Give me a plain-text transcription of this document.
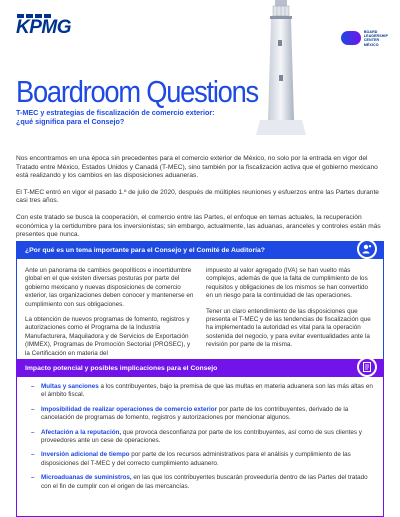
KPMG	BOARD
LEADERSHIP
CENTER
MÉXICO
Boardroom Questions
T-MEC y estrategias de fiscalización de comercio exterior:
¿qué significa para el Consejo?

Nos encontramos en una época sin precedentes para el comercio exterior de México, no solo por la entrada en vigor del Tratado entre México, Estados Unidos y Canadá (T-MEC), sino también por la fiscalización activa que el gobierno mexicano está realizando y los cambios en las disposiciones aduaneras.

El T-MEC entró en vigor el pasado 1.º de julio de 2020, después de múltiples reuniones y esfuerzos entre las Partes durante casi tres años.

Con este tratado se busca la cooperación, el comercio entre las Partes, el enfoque en temas actuales, la recuperación económica y la certidumbre para los inversionistas; sin embargo, actualmente, las aduanas, aranceles y controles están más presentes que nunca.

¿Por qué es un tema importante para el Consejo y el Comité de Auditoría?

Ante un panorama de cambios geopolíticos e incertidumbre global en el que existen diversas posturas por parte del gobierno mexicano y nuevas disposiciones de comercio exterior, las organizaciones deben conocer y mantenerse en cumplimiento con sus obligaciones.

La obtención de nuevos programas de fomento, registros y autorizaciones como el Programa de la Industria Manufacturera, Maquiladora y de Servicios de Exportación (IMMEX), Programas de Promoción Sectorial (PROSEC), y la Certificación en materia del

impuesto al valor agregado (IVA) se han vuelto más complejos, además de que la falta de cumplimiento de los requisitos y obligaciones de los mismos se han convertido en un riesgo para la continuidad de las operaciones.

Tener un claro entendimiento de las disposiciones que presenta el T-MEC y de las tendencias de fiscalización que ha implementado la autoridad es vital para la operación sostenida del negocio, y para evitar eventualidades ante la revisión por parte de la misma.

Impacto potencial y posibles implicaciones para el Consejo
– Multas y sanciones a los contribuyentes, bajo la premisa de que las multas en materia aduanera son las más altas en el ámbito fiscal.
– Imposibilidad de realizar operaciones de comercio exterior por parte de los contribuyentes, derivado de la cancelación de programas de fomento, registros y autorizaciones por mencionar algunos.
– Afectación a la reputación, que provoca desconfianza por parte de los contribuyentes, así como de sus clientes y proveedores ante un cese de operaciones.
– Inversión adicional de tiempo por parte de los recursos administrativos para el análisis y cumplimiento de las disposiciones del T-MEC y del correcto cumplimiento aduanero.
– Microaduanas de suministros, en las que los contribuyentes buscarán proveeduría dentro de las Partes del tratado con el fin de cumplir con el origen de las mercancías.
